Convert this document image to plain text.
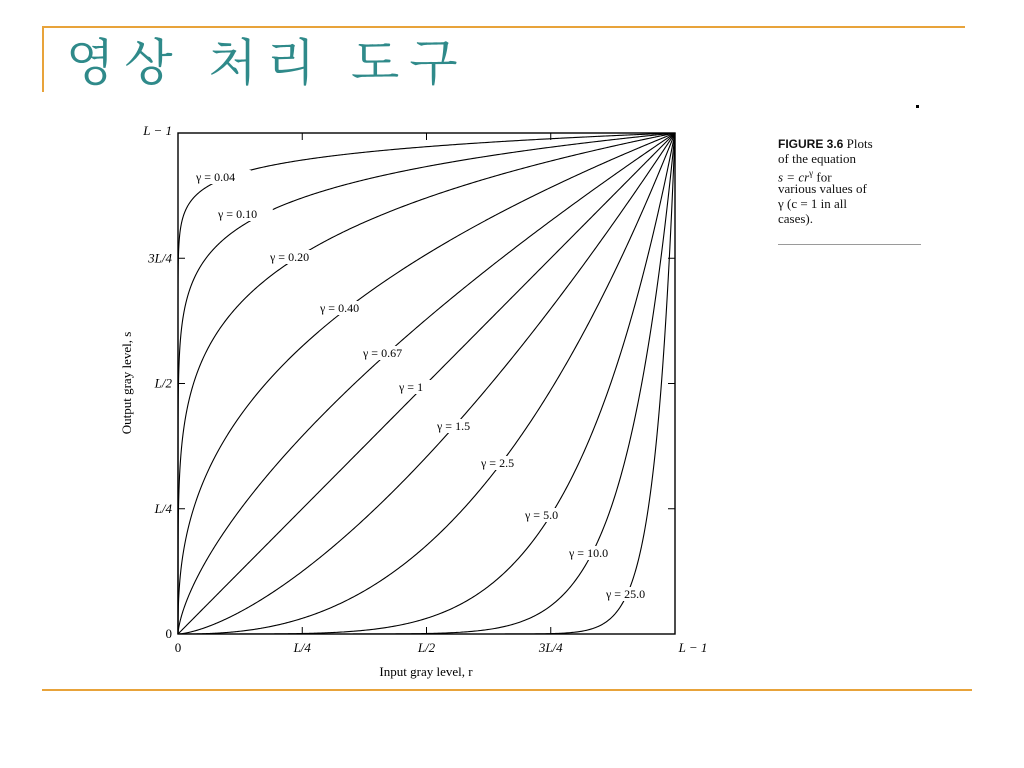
영상 처리 도구
0	L/4	L/2	3L/4	L − 1
0
L/4
L/2
3L/4
L − 1
γ = 0.04
γ = 0.10
γ = 0.20
γ = 0.40
γ = 0.67
γ = 1
γ = 1.5
γ = 2.5
γ = 5.0
γ = 10.0
γ = 25.0
Input gray level, r
Output gray level, s
FIGURE 3.6 Plots
of the equation
$s = cr^\gamma$ for
various values of
γ (c = 1 in all
cases).
